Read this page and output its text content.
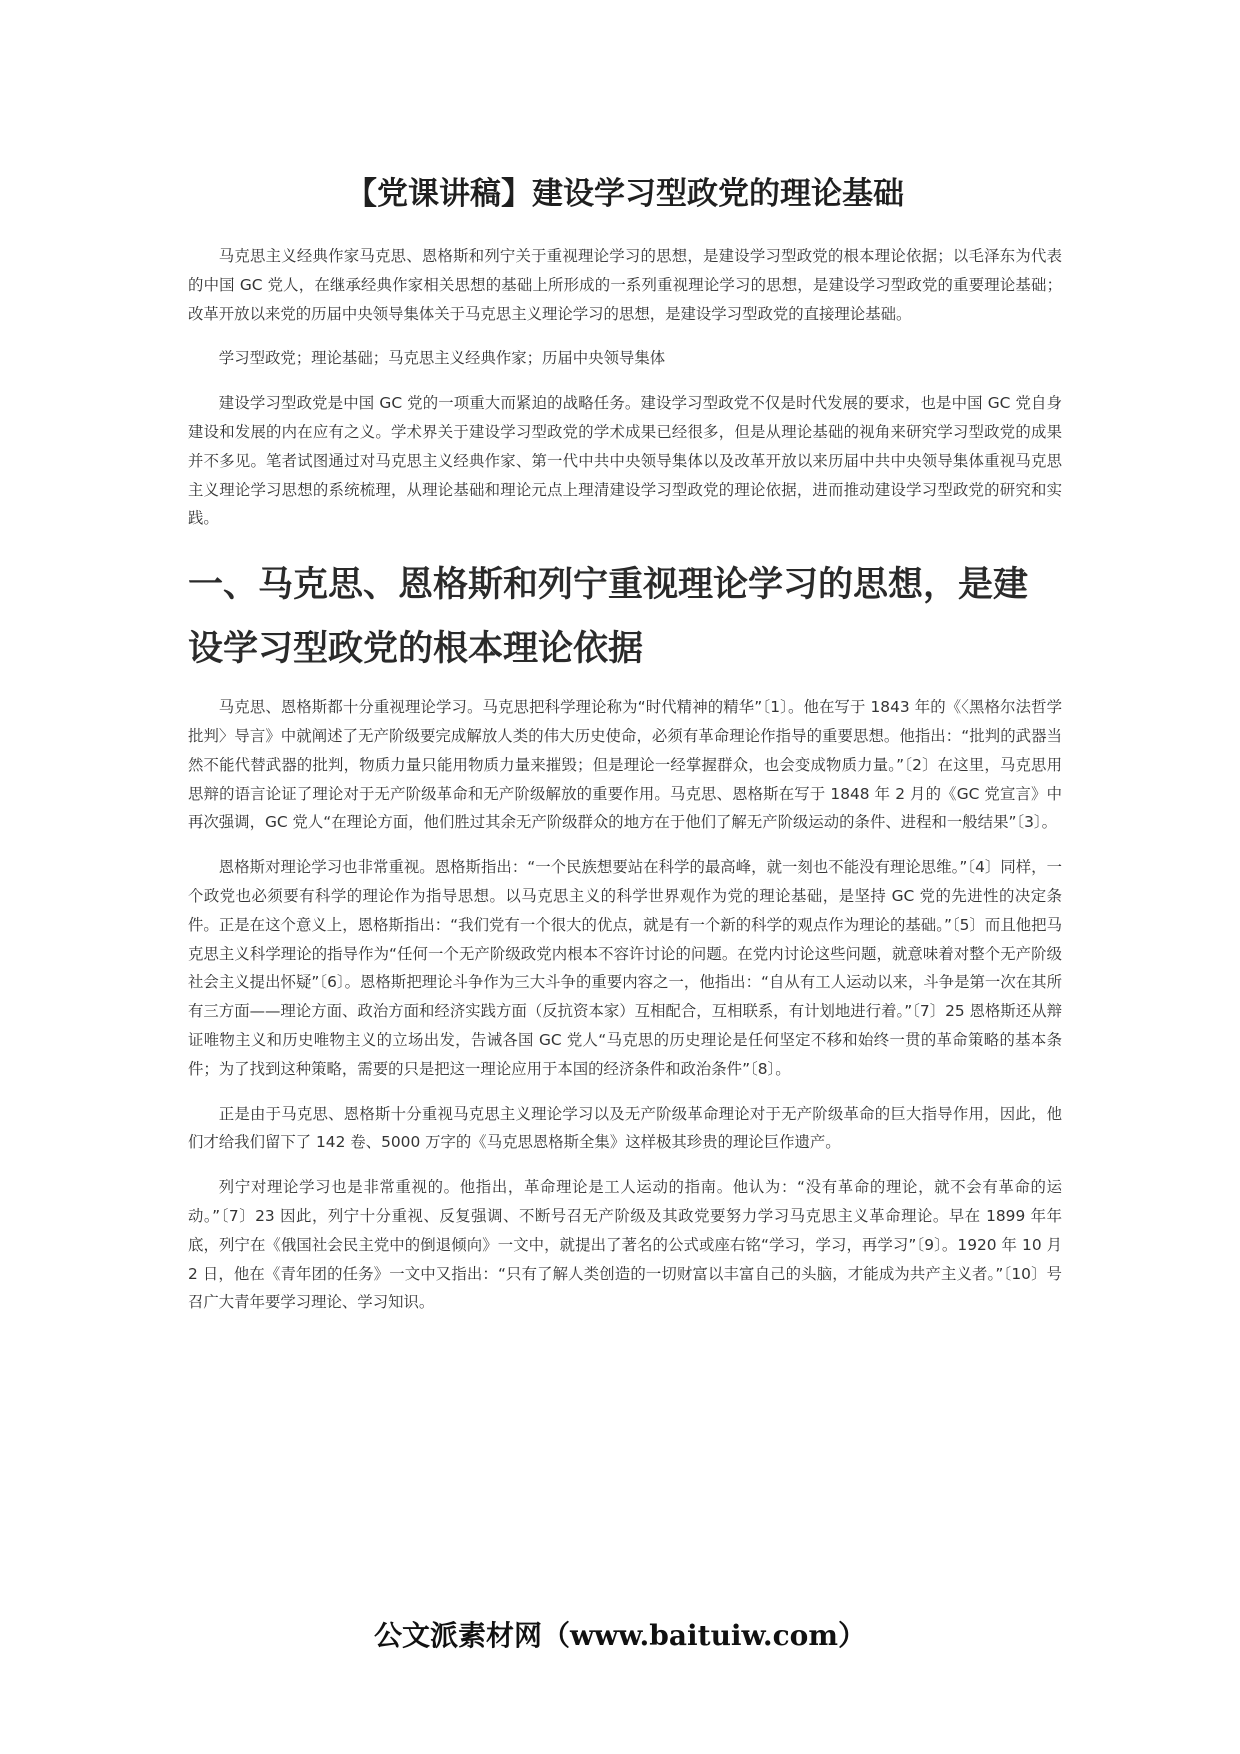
【党课讲稿】建设学习型政党的理论基础

马克思主义经典作家马克思、恩格斯和列宁关于重视理论学习的思想，是建设学习型政党的根本理论依据；以毛泽东为代表的中国 GC 党人，在继承经典作家相关思想的基础上所形成的一系列重视理论学习的思想，是建设学习型政党的重要理论基础；改革开放以来党的历届中央领导集体关于马克思主义理论学习的思想，是建设学习型政党的直接理论基础。

学习型政党；理论基础；马克思主义经典作家；历届中央领导集体

建设学习型政党是中国 GC 党的一项重大而紧迫的战略任务。建设学习型政党不仅是时代发展的要求，也是中国 GC 党自身建设和发展的内在应有之义。学术界关于建设学习型政党的学术成果已经很多，但是从理论基础的视角来研究学习型政党的成果并不多见。笔者试图通过对马克思主义经典作家、第一代中共中央领导集体以及改革开放以来历届中共中央领导集体重视马克思主义理论学习思想的系统梳理，从理论基础和理论元点上理清建设学习型政党的理论依据，进而推动建设学习型政党的研究和实践。

一、马克思、恩格斯和列宁重视理论学习的思想，是建设学习型政党的根本理论依据

马克思、恩格斯都十分重视理论学习。马克思把科学理论称为“时代精神的精华”〔1〕。他在写于 1843 年的《〈黑格尔法哲学批判〉导言》中就阐述了无产阶级要完成解放人类的伟大历史使命，必须有革命理论作指导的重要思想。他指出：“批判的武器当然不能代替武器的批判，物质力量只能用物质力量来摧毁；但是理论一经掌握群众，也会变成物质力量。”〔2〕在这里，马克思用思辩的语言论证了理论对于无产阶级革命和无产阶级解放的重要作用。马克思、恩格斯在写于 1848 年 2 月的《GC 党宣言》中再次强调，GC 党人“在理论方面，他们胜过其余无产阶级群众的地方在于他们了解无产阶级运动的条件、进程和一般结果”〔3〕。

恩格斯对理论学习也非常重视。恩格斯指出：“一个民族想要站在科学的最高峰，就一刻也不能没有理论思维。”〔4〕同样，一个政党也必须要有科学的理论作为指导思想。以马克思主义的科学世界观作为党的理论基础，是坚持 GC 党的先进性的决定条件。正是在这个意义上，恩格斯指出：“我们党有一个很大的优点，就是有一个新的科学的观点作为理论的基础。”〔5〕而且他把马克思主义科学理论的指导作为“任何一个无产阶级政党内根本不容许讨论的问题。在党内讨论这些问题，就意味着对整个无产阶级社会主义提出怀疑”〔6〕。恩格斯把理论斗争作为三大斗争的重要内容之一，他指出：“自从有工人运动以来，斗争是第一次在其所有三方面——理论方面、政治方面和经济实践方面（反抗资本家）互相配合，互相联系，有计划地进行着。”〔7〕25 恩格斯还从辩证唯物主义和历史唯物主义的立场出发，告诫各国 GC 党人“马克思的历史理论是任何坚定不移和始终一贯的革命策略的基本条件；为了找到这种策略，需要的只是把这一理论应用于本国的经济条件和政治条件”〔8〕。

正是由于马克思、恩格斯十分重视马克思主义理论学习以及无产阶级革命理论对于无产阶级革命的巨大指导作用，因此，他们才给我们留下了 142 卷、5000 万字的《马克思恩格斯全集》这样极其珍贵的理论巨作遗产。

列宁对理论学习也是非常重视的。他指出，革命理论是工人运动的指南。他认为：“没有革命的理论，就不会有革命的运动。”〔7〕23 因此，列宁十分重视、反复强调、不断号召无产阶级及其政党要努力学习马克思主义革命理论。早在 1899 年年底，列宁在《俄国社会民主党中的倒退倾向》一文中，就提出了著名的公式或座右铭“学习，学习，再学习”〔9〕。1920 年 10 月 2 日，他在《青年团的任务》一文中又指出：“只有了解人类创造的一切财富以丰富自己的头脑，才能成为共产主义者。”〔10〕号召广大青年要学习理论、学习知识。

公文派素材网（www.baituiw.com）
